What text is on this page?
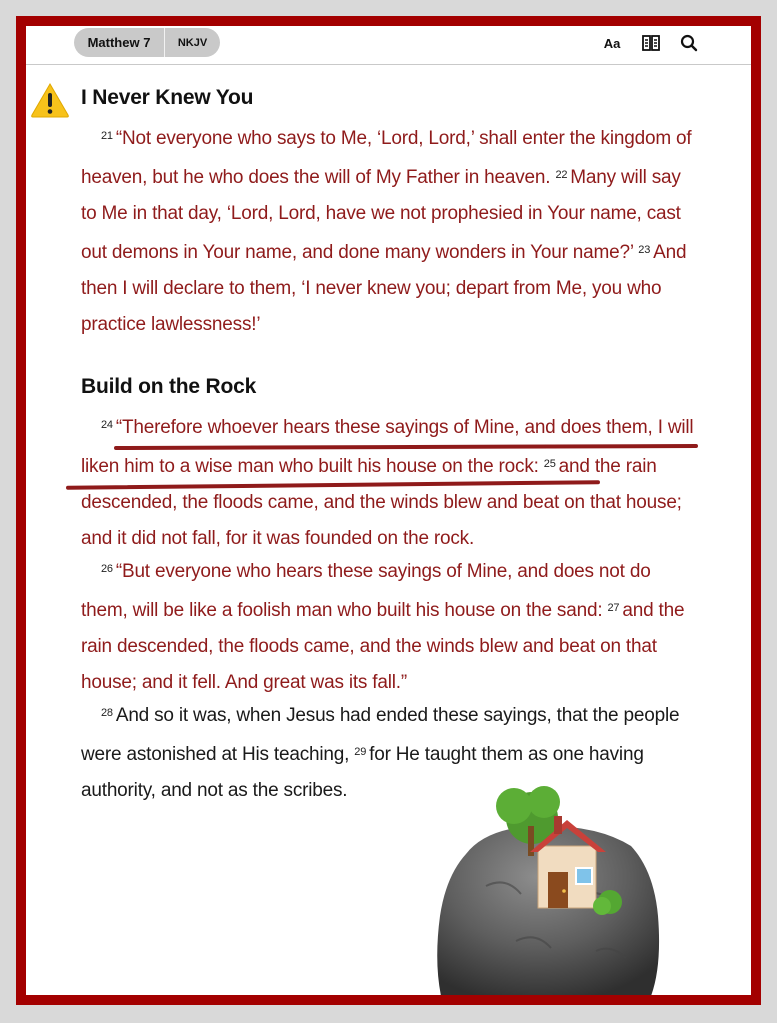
Matthew 7	NKJV	Aa
I Never Knew You
$^{21}$ “Not everyone who says to Me, ‘Lord, Lord,’ shall enter the kingdom of heaven, but he who does the will of My Father in heaven. $^{22}$ Many will say to Me in that day, ‘Lord, Lord, have we not prophesied in Your name, cast out demons in Your name, and done many wonders in Your name?’ $^{23}$ And then I will declare to them, ‘I never knew you; depart from Me, you who practice lawlessness!’
Build on the Rock
$^{24}$ “Therefore whoever hears these sayings of Mine, and does them, I will liken him to a wise man who built his house on the rock: $^{25}$ and the rain descended, the floods came, and the winds blew and beat on that house; and it did not fall, for it was founded on the rock.
$^{26}$ “But everyone who hears these sayings of Mine, and does not do them, will be like a foolish man who built his house on the sand: $^{27}$ and the rain descended, the floods came, and the winds blew and beat on that house; and it fell. And great was its fall.”
$^{28}$ And so it was, when Jesus had ended these sayings, that the people were astonished at His teaching, $^{29}$ for He taught them as one having authority, and not as the scribes.
